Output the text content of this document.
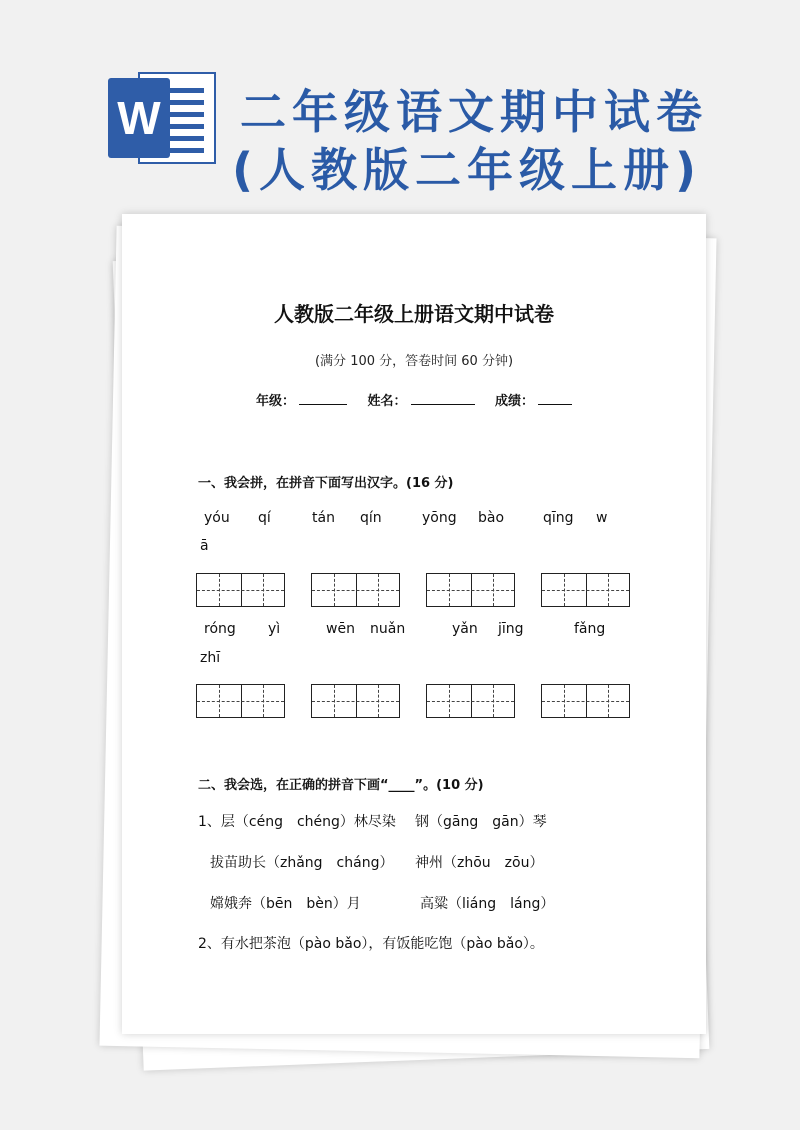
W 二年级语文期中试卷
(人教版二年级上册)
人教版二年级上册语文期中试卷
(满分 100 分，答卷时间 60 分钟)
年级：	姓名：	成绩：
一、我会拼，在拼音下面写出汉字。(16 分)
yóu qí	tán qín	yōng bào	qīng w
ā
róng yì	wēn nuǎn	yǎn jīng	fǎng
zhī
二、我会选，在正确的拼音下画“____”。(10 分)
1、层（céng　chéng）林尽染 钢（gāng　gān）琴
拔苗助长（zhǎng　cháng） 神州（zhōu　zōu）
嫦娥奔（bēn　bèn）月	高粱（liáng　láng）
2、有水把茶泡（pào bǎo），有饭能吃饱（pào bǎo）。
